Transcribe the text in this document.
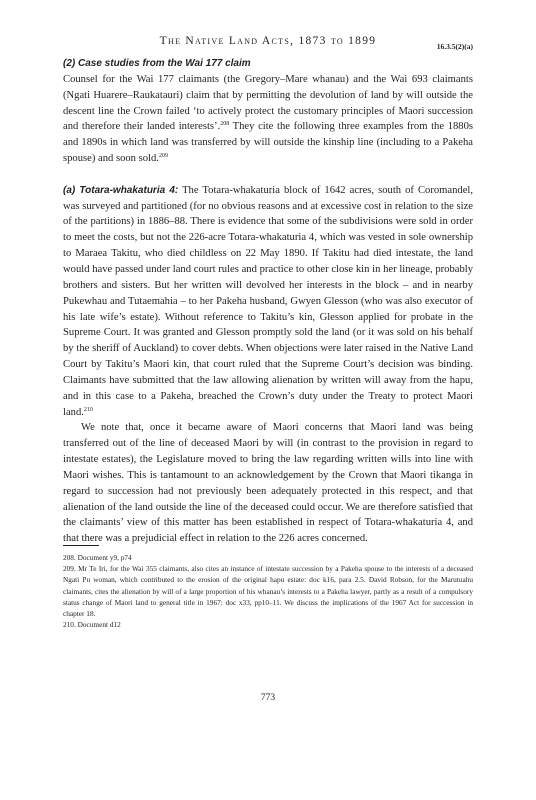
The Native Land Acts, 1873 to 1899	16.3.5(2)(a)

(2) Case studies from the Wai 177 claim

Counsel for the Wai 177 claimants (the Gregory–Mare whanau) and the Wai 693 claimants (Ngati Huarere–Raukatauri) claim that by permitting the devolution of land by will outside the descent line the Crown failed ‘to actively protect the customary principles of Maori succession and therefore their landed interests’.$^{208}$ They cite the following three examples from the 1880s and 1890s in which land was transferred by will outside the kinship line (including to a Pakeha spouse) and soon sold.$^{209}$

(a) Totara-whakaturia 4: The Totara-whakaturia block of 1642 acres, south of Coromandel, was surveyed and partitioned (for no obvious reasons and at excessive cost in relation to the size of the partitions) in 1886–88. There is evidence that some of the subdivisions were sold in order to meet the costs, but not the 226-acre Totara-whakaturia 4, which was vested in sole ownership to Maraea Takitu, who died childless on 22 May 1890. If Takitu had died intestate, the land would have passed under land court rules and practice to other close kin in her lineage, probably brothers and sisters. But her written will devolved her interests in the block – and in nearby Pukewhau and Tutaemahia – to her Pakeha husband, Gwyen Glesson (who was also executor of his late wife’s estate). Without reference to Takitu’s kin, Glesson applied for probate in the Supreme Court. It was granted and Glesson promptly sold the land (or it was sold on his behalf by the sheriff of Auckland) to cover debts. When objections were later raised in the Native Land Court by Takitu’s Maori kin, that court ruled that the Supreme Court’s decision was binding. Claimants have submitted that the law allowing alienation by written will away from the hapu, and in this case to a Pakeha, breached the Crown’s duty under the Treaty to protect Maori land.$^{210}$

We note that, once it became aware of Maori concerns that Maori land was being transferred out of the line of deceased Maori by will (in contrast to the provision in regard to intestate estates), the Legislature moved to bring the law regarding written wills into line with Maori wishes. This is tantamount to an acknowledgement by the Crown that Maori tikanga in regard to succession had not previously been adequately protected in this respect, and that alienation of the land outside the line of the deceased could occur. We are therefore satisfied that the claimants’ view of this matter has been established in respect of Totara-whakaturia 4, and that there was a prejudicial effect in relation to the 226 acres concerned.

208. Document y9, p74

209. Mr Te Iri, for the Wai 355 claimants, also cites an instance of intestate succession by a Pakeha spouse to the interests of a deceased Ngati Pu woman, which contributed to the erosion of the original hapu estate: doc k16, para 2.5. David Robson, for the Marutuahu claimants, cites the alienation by will of a large proportion of his whanau’s interests to a Pakeha lawyer, partly as a result of a compulsory status change of Maori land to general title in 1967: doc x33, pp10–11. We discuss the implications of the 1967 Act for succession in chapter 18.

210. Document d12

773
